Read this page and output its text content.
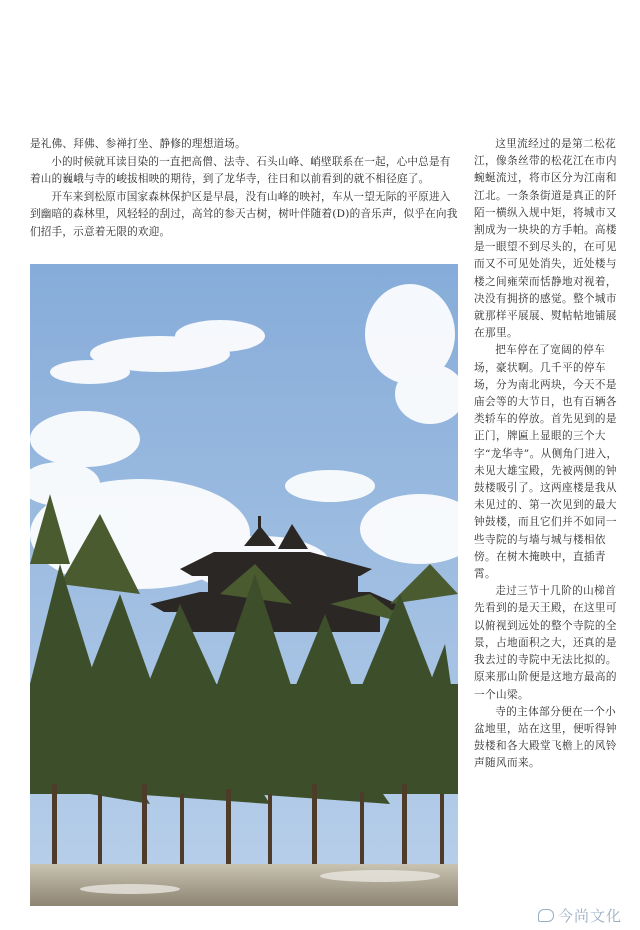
是礼佛、拜佛、参禅打坐、静修的理想道场。

小的时候就耳读目染的一直把高僧、法寺、石头山峰、峭壁联系在一起，心中总是有着山的巍峨与寺的峻拔相映的期待，到了龙华寺，往日和以前看到的就不相径庭了。

开车来到松原市国家森林保护区是早晨，没有山峰的映衬，车从一望无际的平原进入到幽暗的森林里，风轻轻的刮过，高耸的参天古树，树叶伴随着(D)的音乐声，似乎在向我们招手，示意着无限的欢迎。

这里流经过的是第二松花江，像条丝带的松花江在市内蜿蜒流过，将市区分为江南和江北。一条条街道是真正的阡陌一横纵入规中矩，将城市又割成为一块块的方手帕。高楼是一眼望不到尽头的，在可见而又不可见处消失，近处楼与楼之间雍荣而恬静地对视着，决没有拥挤的感觉。整个城市就那样平展展、熨帖帖地铺展在那里。

把车停在了宽阔的停车场，豪状啊。几千平的停车场，分为南北两块，今天不是庙会等的大节日，也有百辆各类轿车的停放。首先见到的是正门，牌匾上显眼的三个大字“龙华寺”。从侧角门进入，未见大雄宝殿，先被两侧的钟鼓楼吸引了。这两座楼是我从未见过的、第一次见到的最大钟鼓楼，而且它们并不如同一些寺院的与墙与城与楼相依傍。在树木掩映中，直插青霄。

走过三节十几阶的山梯首先看到的是天王殿，在这里可以俯视到远处的整个寺院的全景，占地面积之大，还真的是我去过的寺院中无法比拟的。原来那山阶便是这地方最高的一个山梁。

寺的主体部分便在一个小盆地里，站在这里，便听得钟鼓楼和各大殿堂飞檐上的风铃声随风而来。

今尚文化
